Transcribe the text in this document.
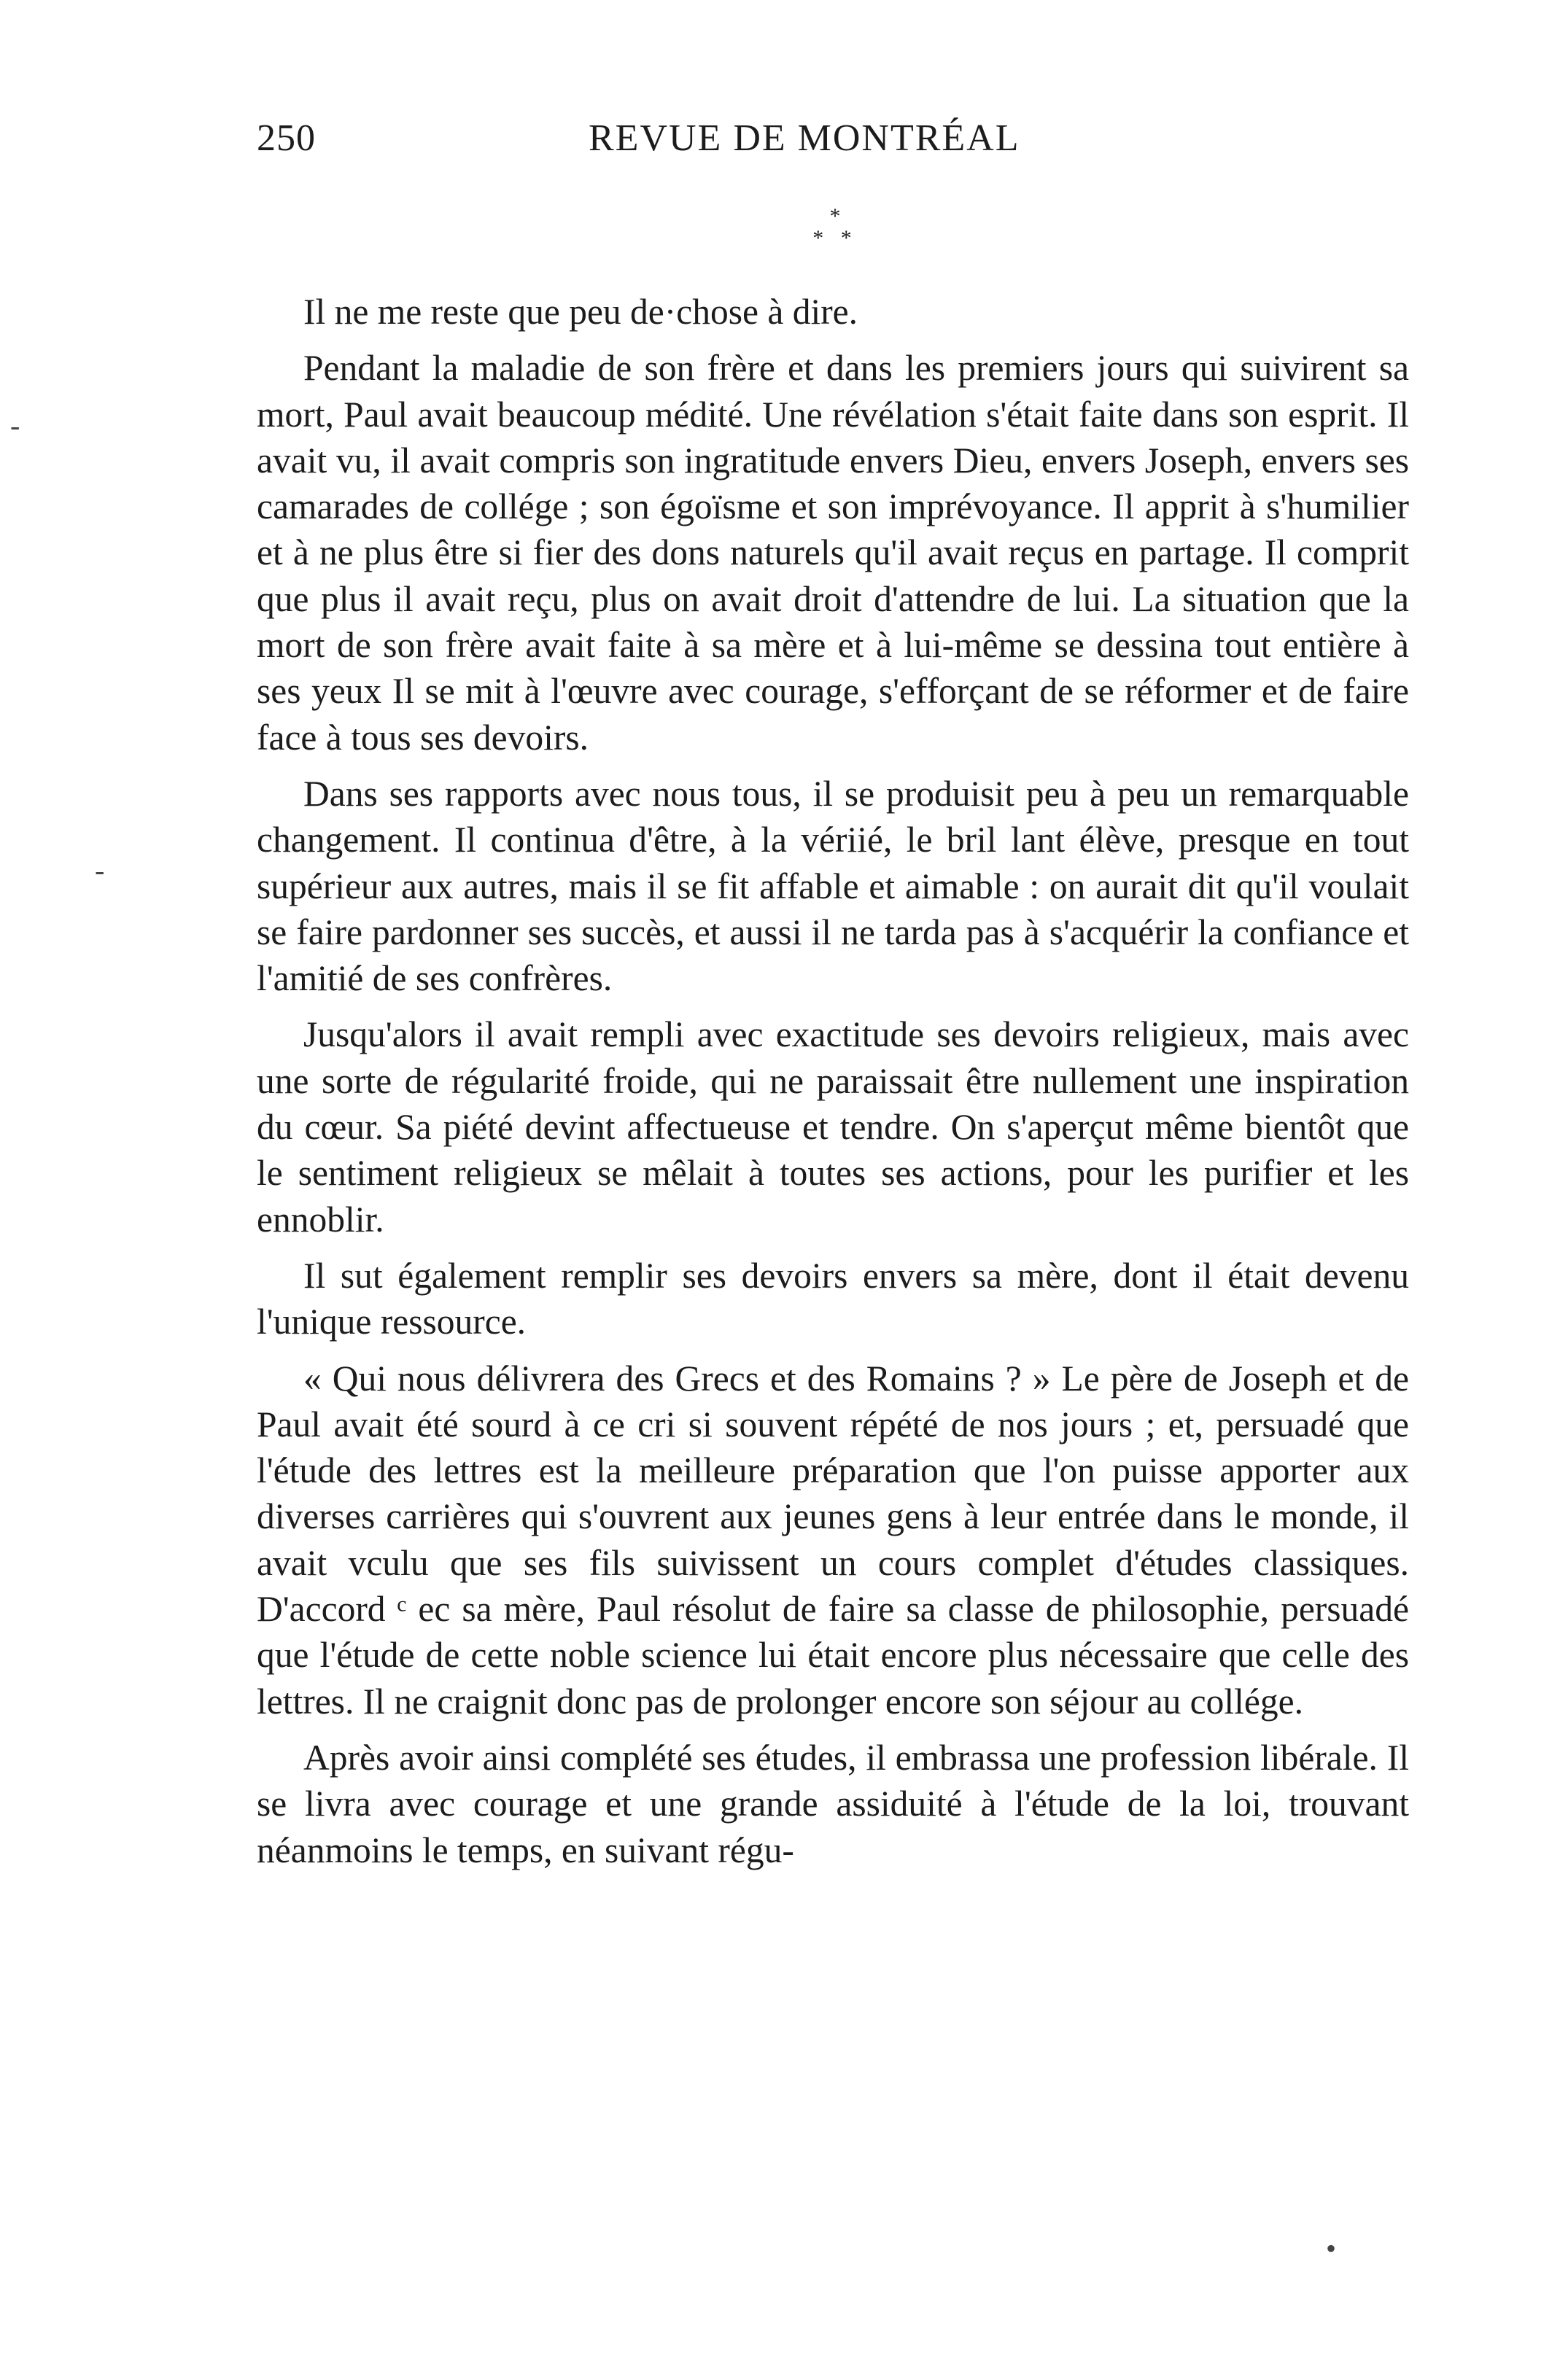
250	REVUE DE MONTRÉAL
*
* *

Il ne me reste que peu de·chose à dire.

Pendant la maladie de son frère et dans les premiers jours qui suivirent sa mort, Paul avait beaucoup médité. Une révélation s'était faite dans son esprit. Il avait vu, il avait compris son ingratitude envers Dieu, envers Joseph, envers ses camarades de collége ; son égoïsme et son imprévoyance. Il apprit à s'humilier et à ne plus être si fier des dons naturels qu'il avait reçus en partage. Il comprit que plus il avait reçu, plus on avait droit d'attendre de lui. La situation que la mort de son frère avait faite à sa mère et à lui-même se dessina tout entière à ses yeux Il se mit à l'œuvre avec courage, s'efforçant de se réformer et de faire face à tous ses devoirs.

Dans ses rapports avec nous tous, il se produisit peu à peu un remarquable changement. Il continua d'être, à la vériié, le bril lant élève, presque en tout supérieur aux autres, mais il se fit affable et aimable : on aurait dit qu'il voulait se faire pardonner ses succès, et aussi il ne tarda pas à s'acquérir la confiance et l'amitié de ses confrères.

Jusqu'alors il avait rempli avec exactitude ses devoirs religieux, mais avec une sorte de régularité froide, qui ne paraissait être nullement une inspiration du cœur. Sa piété devint affectueuse et tendre. On s'aperçut même bientôt que le sentiment religieux se mêlait à toutes ses actions, pour les purifier et les ennoblir.

Il sut également remplir ses devoirs envers sa mère, dont il était devenu l'unique ressource.

« Qui nous délivrera des Grecs et des Romains ? » Le père de Joseph et de Paul avait été sourd à ce cri si souvent répété de nos jours ; et, persuadé que l'étude des lettres est la meilleure préparation que l'on puisse apporter aux diverses carrières qui s'ouvrent aux jeunes gens à leur entrée dans le monde, il avait vculu que ses fils suivissent un cours complet d'études classiques. D'accord ᶜ ec sa mère, Paul résolut de faire sa classe de philosophie, persuadé que l'étude de cette noble science lui était encore plus nécessaire que celle des lettres. Il ne craignit donc pas de prolonger encore son séjour au collége.

Après avoir ainsi complété ses études, il embrassa une profession libérale. Il se livra avec courage et une grande assiduité à l'étude de la loi, trouvant néanmoins le temps, en suivant régu-

-
-
•
